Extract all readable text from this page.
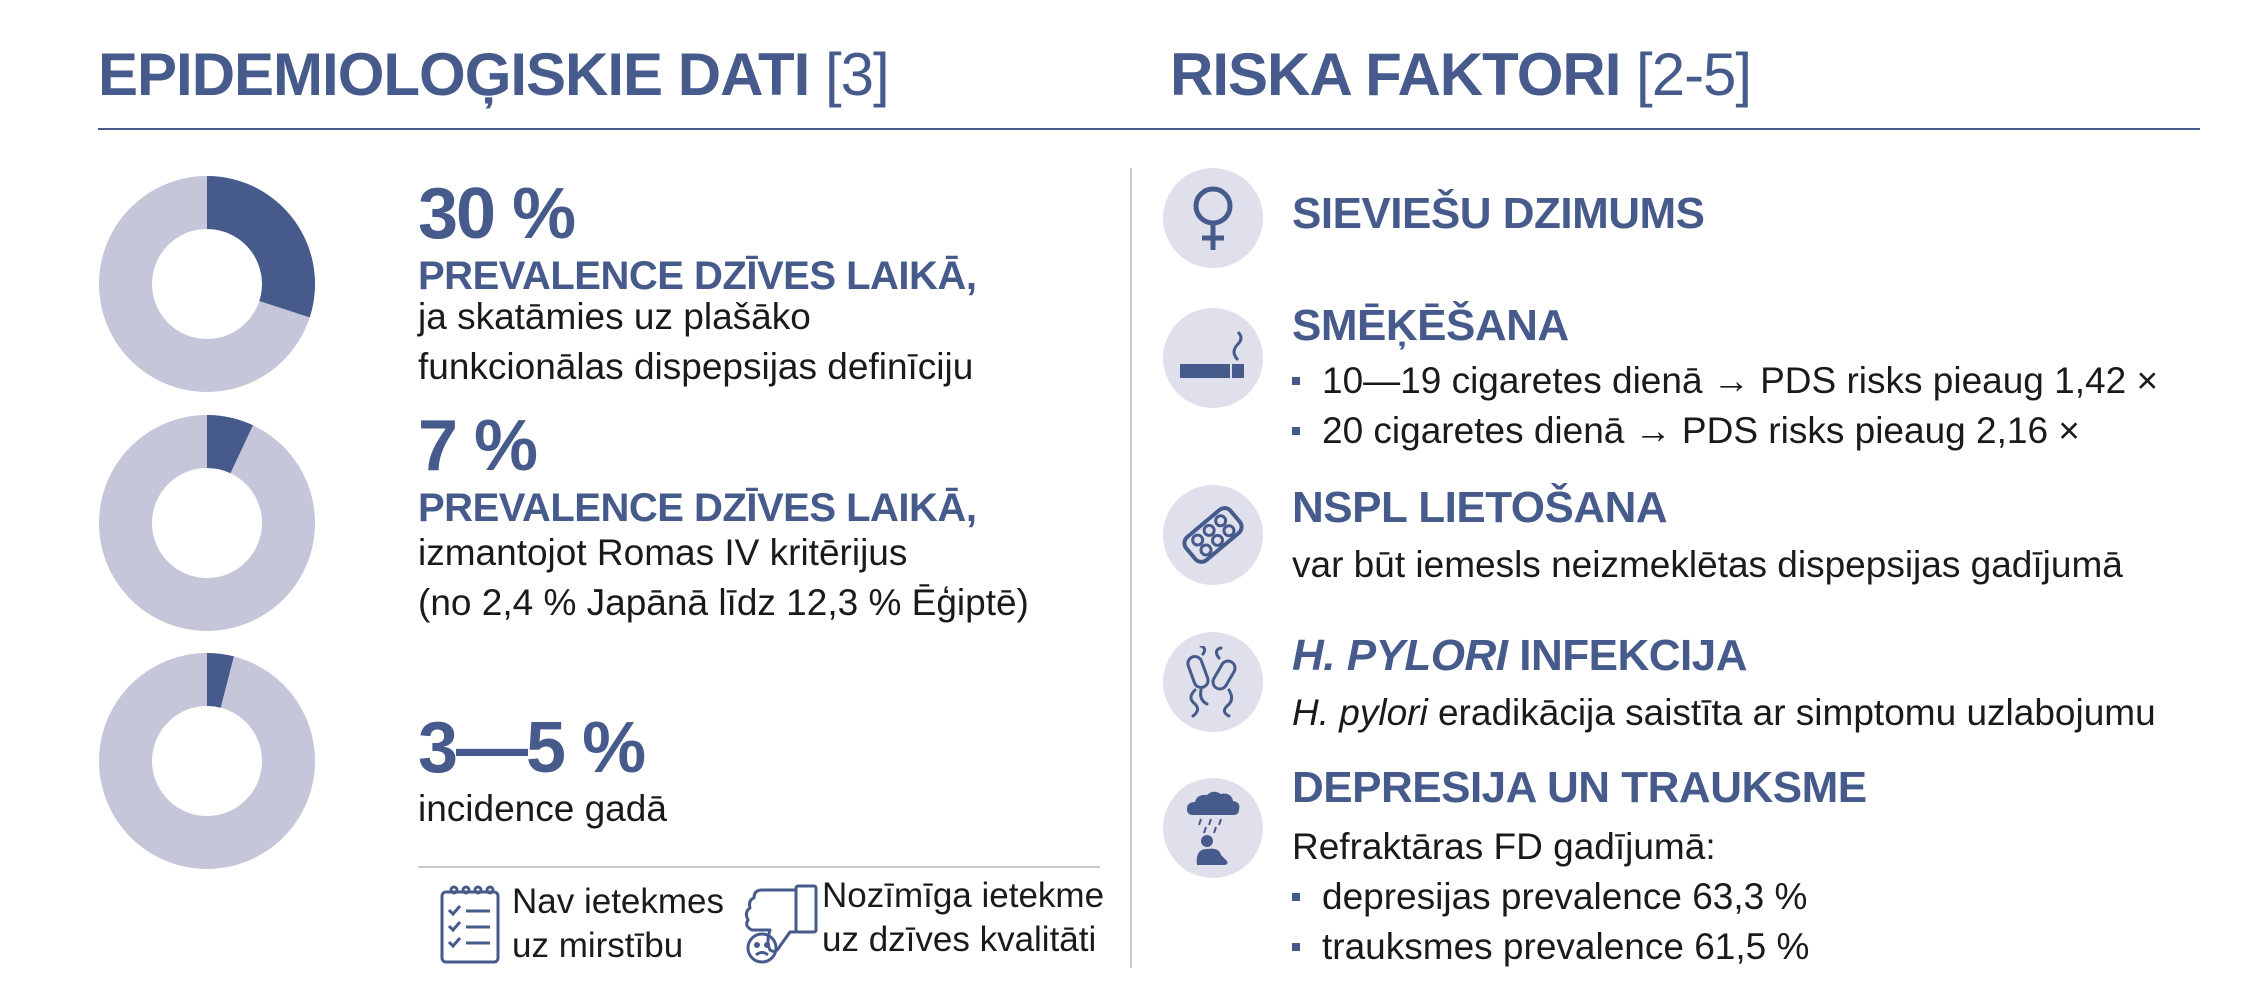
EPIDEMIOLOĢISKIE DATI [3]	RISKA FAKTORI [2-5]
30 %
PREVALENCE DZĪVES LAIKĀ,
ja skatāmies uz plašāko
funkcionālas dispepsijas definīciju
7 %
PREVALENCE DZĪVES LAIKĀ,
izmantojot Romas IV kritērijus
(no 2,4 % Japānā līdz 12,3 % Ēģiptē)
3—5 %
incidence gadā
Nav ietekmes
uz mirstību
Nozīmīga ietekme
uz dzīves kvalitāti
SIEVIEŠU DZIMUMS
SMĒĶĒŠANA
10—19 cigaretes dienā → PDS risks pieaug 1,42 ×
20 cigaretes dienā → PDS risks pieaug 2,16 ×
NSPL LIETOŠANA
var būt iemesls neizmeklētas dispepsijas gadījumā
H. PYLORI INFEKCIJA
H. pylori eradikācija saistīta ar simptomu uzlabojumu
DEPRESIJA UN TRAUKSME
Refraktāras FD gadījumā:
depresijas prevalence 63,3 %
trauksmes prevalence 61,5 %
